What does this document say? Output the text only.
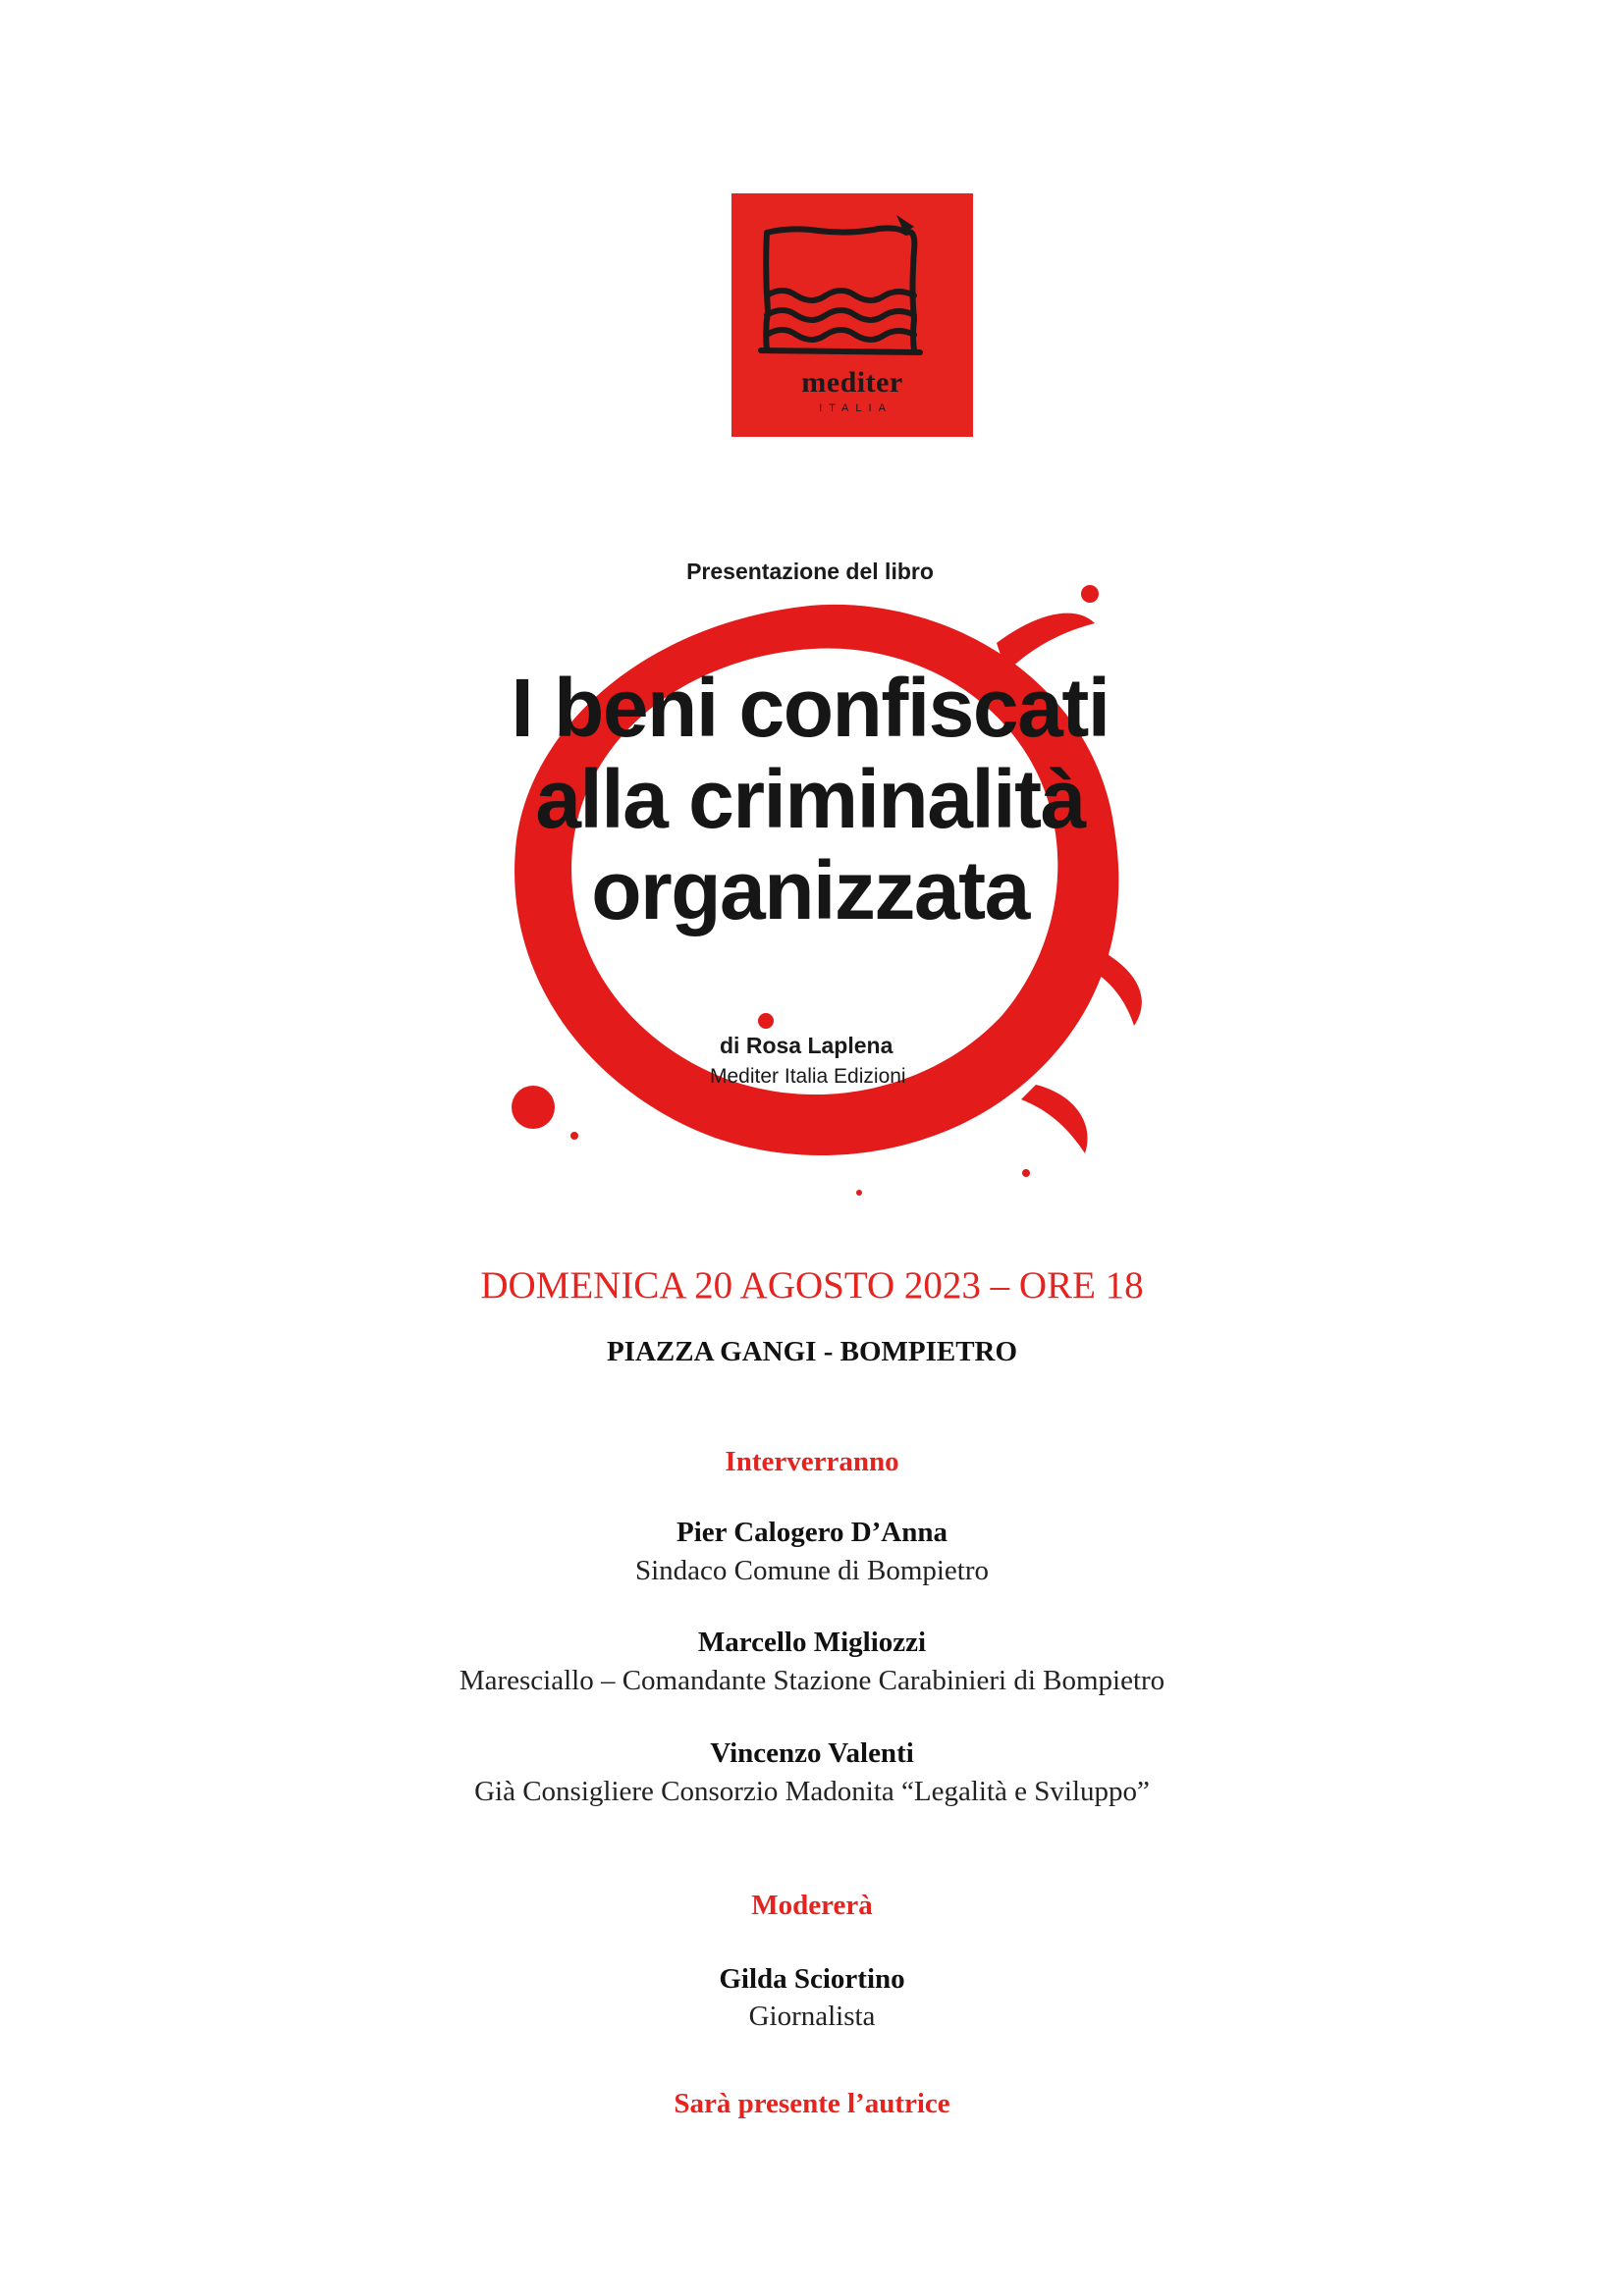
mediter
ITALIA
Presentazione del libro
I beni confiscati
alla criminalità
organizzata
di Rosa Laplena
Mediter Italia Edizioni
DOMENICA 20 AGOSTO 2023 – ORE 18
PIAZZA GANGI - BOMPIETRO
Interverranno
Pier Calogero D’Anna
Sindaco Comune di Bompietro
Marcello Migliozzi
Maresciallo – Comandante Stazione Carabinieri di Bompietro
Vincenzo Valenti
Già Consigliere Consorzio Madonita “Legalità e Sviluppo”
Modererà
Gilda Sciortino
Giornalista
Sarà presente l’autrice
